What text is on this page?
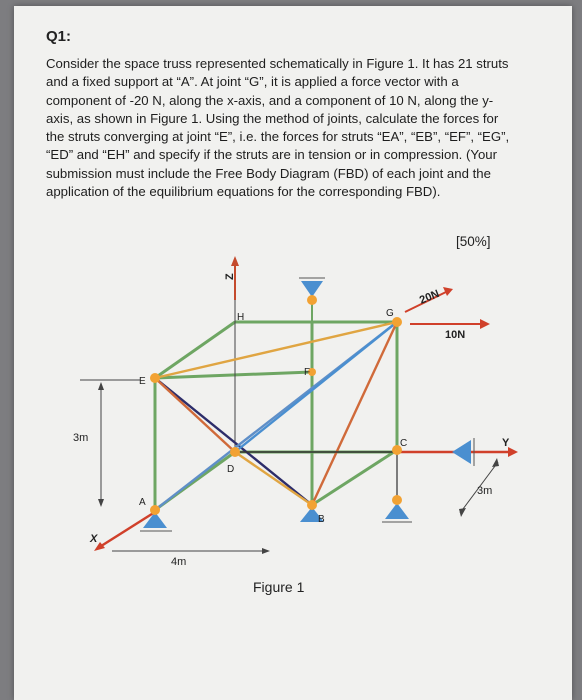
Q1:
Consider the space truss represented schematically in Figure 1. It has 21 struts and a fixed support at “A”. At joint “G”, it is applied a force vector with a component of -20 N, along the x-axis, and a component of 10 N, along the y-axis, as shown in Figure 1. Using the method of joints, calculate the forces for the struts converging at joint “E”, i.e. the forces for struts “EA”, “EB”, “EF”, “EG”, “ED” and “EH” and specify if the struts are in tension or in compression. (Your submission must include the Free Body Diagram (FBD) of each joint and the application of the equilibrium equations for the corresponding FBD).
[50%]
Z
X
Y
E
A
D
F
B
C
G
H
20N
10N
3m
4m
3m
Figure 1
